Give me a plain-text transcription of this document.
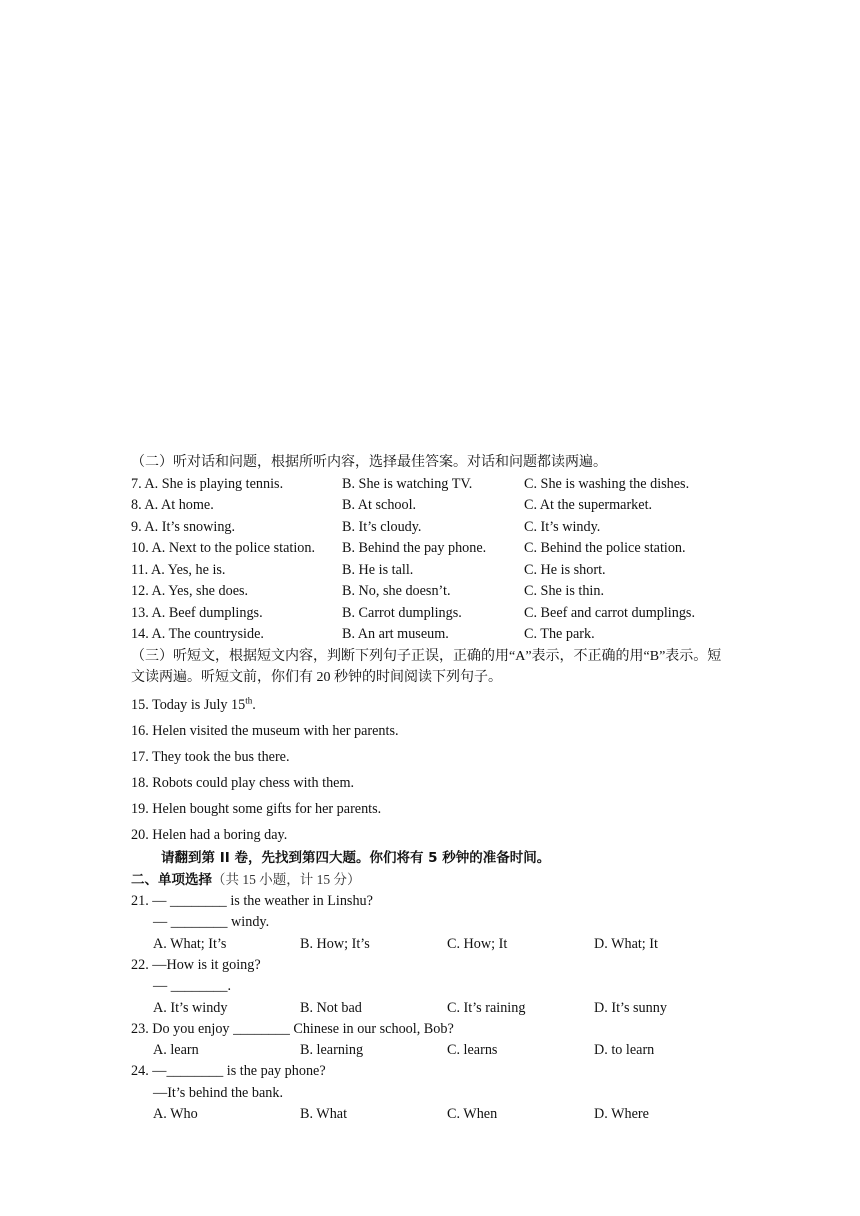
（二）听对话和问题，根据所听内容，选择最佳答案。对话和问题都读两遍。
7. A. She is playing tennis.	B. She is watching TV.	C. She is washing the dishes.
8. A. At home.	B. At school.	C. At the supermarket.
9. A. It’s snowing.	B. It’s cloudy.	C. It’s windy.
10. A. Next to the police station.	B. Behind the pay phone.	C. Behind the police station.
11. A. Yes, he is.	B. He is tall.	C. He is short.
12. A. Yes, she does.	B. No, she doesn’t.	C. She is thin.
13. A. Beef dumplings.	B. Carrot dumplings.	C. Beef and carrot dumplings.
14. A. The countryside.	B. An art museum.	C. The park.
（三）听短文，根据短文内容，判断下列句子正误，正确的用“A”表示，不正确的用“B”表示。短文读两遍。听短文前，你们有 20 秒钟的时间阅读下列句子。
15. Today is July 15th.
16. Helen visited the museum with her parents.
17. They took the bus there.
18. Robots could play chess with them.
19. Helen bought some gifts for her parents.
20. Helen had a boring day.
请翻到第 II 卷，先找到第四大题。你们将有 5 秒钟的准备时间。
二、单项选择（共 15 小题，计 15 分）
21. — ________ is the weather in Linshu?
— ________ windy.
A. What; It’s	B. How; It’s	C. How; It	D. What; It
22. —How is it going?
— ________.
A. It’s windy	B. Not bad	C. It’s raining	D. It’s sunny
23. Do you enjoy ________ Chinese in our school, Bob?
A. learn	B. learning	C. learns	D. to learn
24. —________ is the pay phone?
—It’s behind the bank.
A. Who	B. What	C. When	D. Where
